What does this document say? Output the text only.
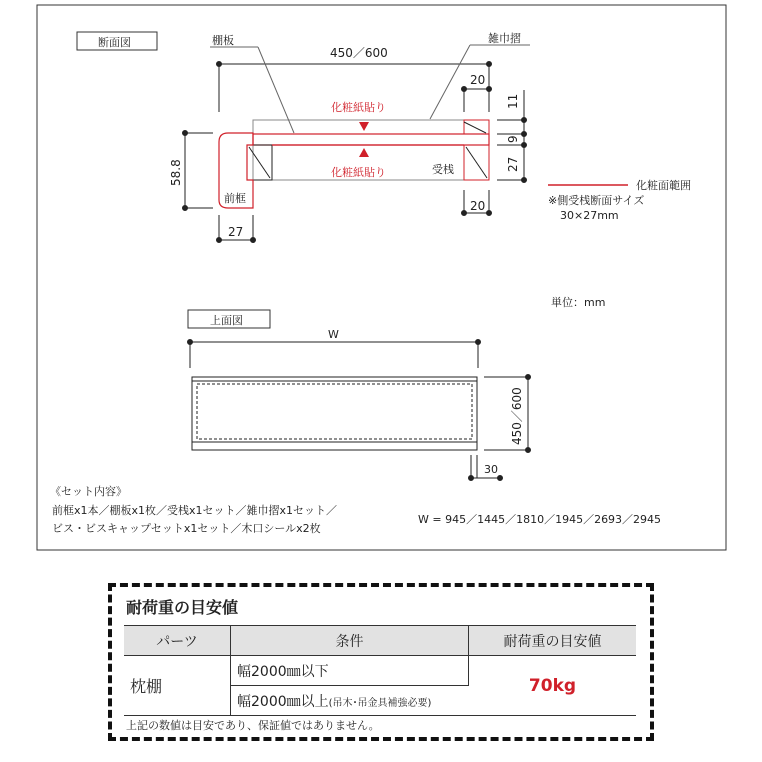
断面図
450／600
20
20
27
11
9
27
58.8
棚板	雑巾摺
化粧紙貼り
化粧紙貼り	受桟
前框
化粧面範囲
※側受桟断面サイズ
30×27mm
単位：mm
上面図
W
450／600
30
《セット内容》
前框x1本／棚板x1枚／受桟x1セット／雑巾摺x1セット／
ビス・ビスキャップセットx1セット／木口シールx2枚
W = 945／1445／1810／1945／2693／2945
耐荷重の目安値
パーツ	条件	耐荷重の目安値
枕棚	幅2000㎜以下	70kg
	幅2000㎜以上(吊木･吊金具補強必要)	
上記の数値は目安であり、保証値ではありません。
